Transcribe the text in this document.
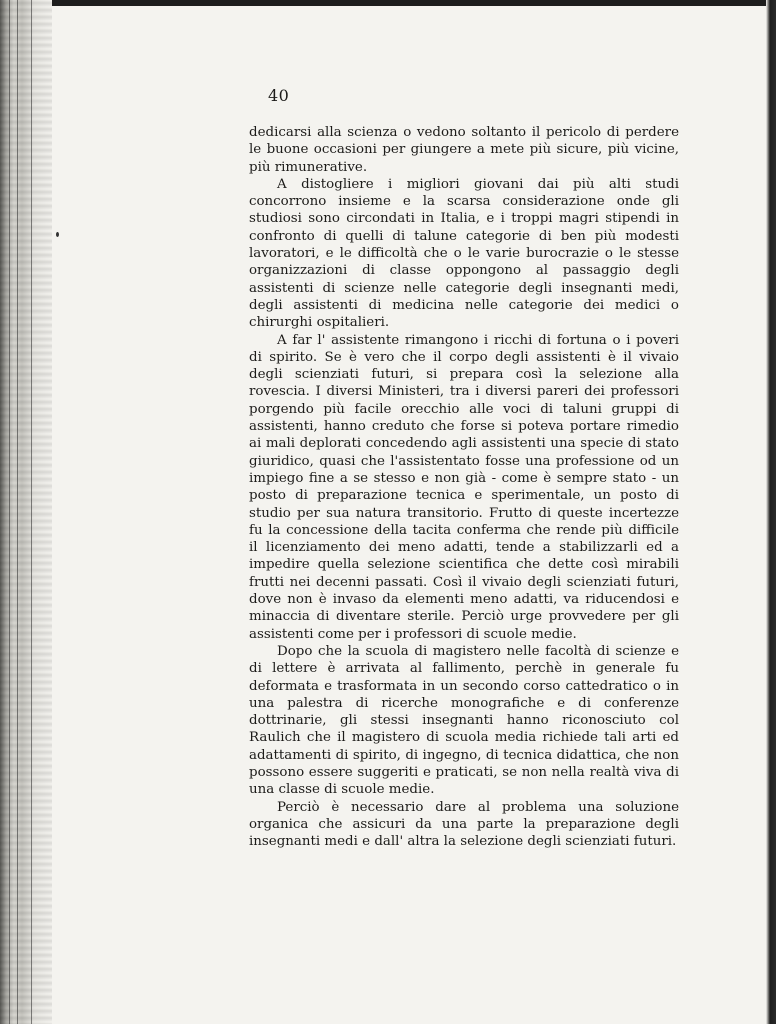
40

dedicarsi alla scienza o vedono soltanto il pericolo di perdere le buone occasioni per giungere a mete più sicure, più vicine, più rimunerative.

A distogliere i migliori giovani dai più alti studi concorrono insieme e la scarsa considerazione onde gli studiosi sono circondati in Italia, e i troppi magri stipendi in confronto di quelli di talune categorie di ben più modesti lavoratori, e le difficoltà che o le varie burocrazie o le stesse organizzazioni di classe oppongono al passaggio degli assistenti di scienze nelle categorie degli insegnanti medi, degli assistenti di medicina nelle categorie dei medici o chirurghi ospitalieri.

A far l' assistente rimangono i ricchi di fortuna o i poveri di spirito. Se è vero che il corpo degli assistenti è il vivaio degli scienziati futuri, si prepara così la selezione alla rovescia. I diversi Ministeri, tra i diversi pareri dei professori porgendo più facile orecchio alle voci di taluni gruppi di assistenti, hanno creduto che forse si poteva portare rimedio ai mali deplorati concedendo agli assistenti una specie di stato giuridico, quasi che l'assistentato fosse una professione od un impiego fine a se stesso e non già - come è sempre stato - un posto di preparazione tecnica e sperimentale, un posto di studio per sua natura transitorio. Frutto di queste incertezze fu la concessione della tacita conferma che rende più difficile il licenziamento dei meno adatti, tende a stabilizzarli ed a impedire quella selezione scientifica che dette così mirabili frutti nei decenni passati. Così il vivaio degli scienziati futuri, dove non è invaso da elementi meno adatti, va riducendosi e minaccia di diventare sterile. Perciò urge provvedere per gli assistenti come per i professori di scuole medie.

Dopo che la scuola di magistero nelle facoltà di scienze e di lettere è arrivata al fallimento, perchè in generale fu deformata e trasformata in un secondo corso cattedratico o in una palestra di ricerche monografiche e di conferenze dottrinarie, gli stessi insegnanti hanno riconosciuto col Raulich che il magistero di scuola media richiede tali arti ed adattamenti di spirito, di ingegno, di tecnica didattica, che non possono essere suggeriti e praticati, se non nella realtà viva di una classe di scuole medie.

Perciò è necessario dare al problema una soluzione organica che assicuri da una parte la preparazione degli insegnanti medi e dall' altra la selezione degli scienziati futuri.
